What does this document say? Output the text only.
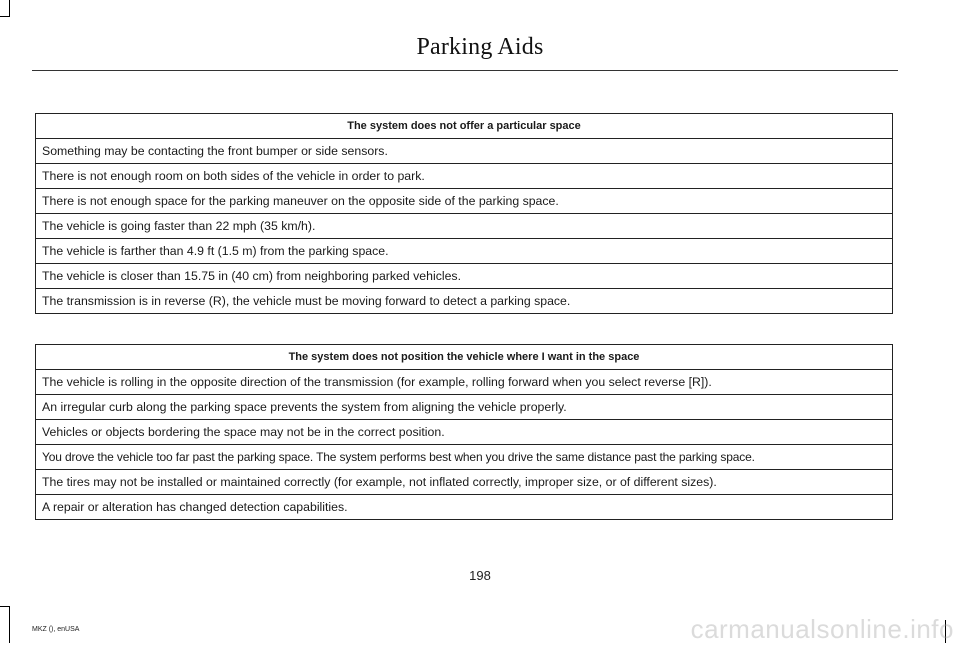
Parking Aids
The system does not offer a particular space
Something may be contacting the front bumper or side sensors.
There is not enough room on both sides of the vehicle in order to park.
There is not enough space for the parking maneuver on the opposite side of the parking space.
The vehicle is going faster than 22 mph (35 km/h).
The vehicle is farther than 4.9 ft (1.5 m) from the parking space.
The vehicle is closer than 15.75 in (40 cm) from neighboring parked vehicles.
The transmission is in reverse (R), the vehicle must be moving forward to detect a parking space.
The system does not position the vehicle where I want in the space
The vehicle is rolling in the opposite direction of the transmission (for example, rolling forward when you select reverse [R]).
An irregular curb along the parking space prevents the system from aligning the vehicle properly.
Vehicles or objects bordering the space may not be in the correct position.
You drove the vehicle too far past the parking space. The system performs best when you drive the same distance past the parking space.
The tires may not be installed or maintained correctly (for example, not inflated correctly, improper size, or of different sizes).
A repair or alteration has changed detection capabilities.
198
MKZ (), enUSA	carmanualsonline.info
